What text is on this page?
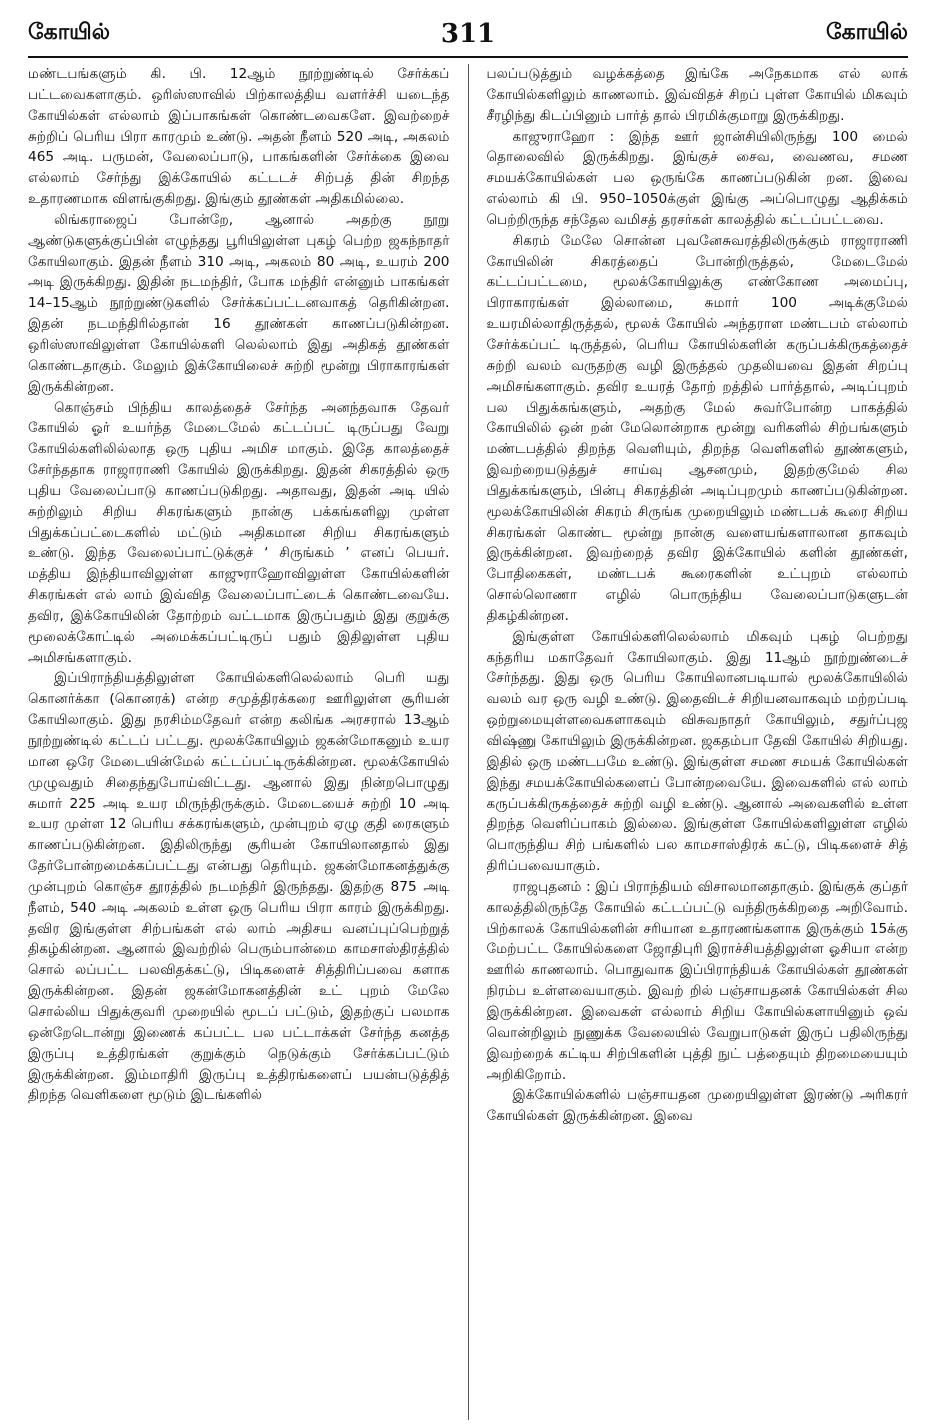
கோயில்	311	கோயில்

மண்டபங்களும் கி. பி. 12ஆம் நூற்றுண்டில் சேர்க்கப் பட்டவைகளாகும். ஒரிஸ்ஸாவில் பிற்காலத்திய வளர்ச்சி யடைந்த கோயில்கள் எல்லாம் இப்பாகங்கள் கொண்டவைகளே. இவற்றைச் சுற்றிப் பெரிய பிரா காரமும் உண்டு. அதன் நீளம் 520 அடி, அகலம் 465 அடி. பருமன், வேலைப்பாடு, பாகங்களின் சேர்க்கை இவை எல்லாம் சேர்ந்து இக்கோயில் கட்டடச் சிற்பத் தின் சிறந்த உதாரணமாக விளங்குகிறது. இங்கும் தூண்கள் அதிகமில்லை.

லிங்கராஜைப் போன்றே, ஆனால் அதற்கு நூறு ஆண்டுகளுக்குப்பின் எழுந்தது பூரியிலுள்ள புகழ் பெற்ற ஜகந்நாதர் கோயிலாகும். இதன் நீளம் 310 அடி, அகலம் 80 அடி, உயரம் 200 அடி இருக்கிறது. இதின் நடமந்திர், போக மந்திர் என்னும் பாகங்கள் 14–15ஆம் நூற்றுண்டுகளில் சேர்க்கப்பட்டனவாகத் தெரிகின்றன. இதன் நடமந்திரில்தான் 16 தூண்கள் காணப்படுகின்றன. ஒரிஸ்ஸாவிலுள்ள கோயில்களி லெல்லாம் இது அதிகத் தூண்கள் கொண்டதாகும். மேலும் இக்கோயிலைச் சுற்றி மூன்று பிராகாரங்கள் இருக்கின்றன.

கொஞ்சம் பிந்திய காலத்தைச் சேர்ந்த அனந்தவாசு தேவர் கோயில் ஓர் உயர்ந்த மேடைமேல் கட்டப்பட் டிருப்பது வேறு கோயில்களிலில்லாத ஒரு புதிய அமிச மாகும். இதே காலத்தைச் சேர்ந்ததாக ராஜாராணி கோயில் இருக்கிறது. இதன் சிகரத்தில் ஒரு புதிய வேலைப்பாடு காணப்படுகிறது. அதாவது, இதன் அடி யில் சுற்றிலும் சிறிய சிகரங்களும் நான்கு பக்கங்களிலு முள்ள பிதுக்கப்பட்டைகளில் மட்டும் அதிகமான சிறிய சிகரங்களும் உண்டு. இந்த வேலைப்பாட்டுக்குச் ‘ சிருங்கம் ’ எனப் பெயர். மத்திய இந்தியாவிலுள்ள காஜுராஹோவிலுள்ள கோயில்களின் சிகரங்கள் எல் லாம் இவ்வித வேலைப்பாட்டைக் கொண்டவையே. தவிர, இக்கோயிலின் தோற்றம் வட்டமாக இருப்பதும் இது குறுக்கு மூலைக்கோட்டில் அமைக்கப்பட்டிருப் பதும் இதிலுள்ள புதிய அமிசங்களாகும்.

இப்பிராந்தியத்திலுள்ள கோயில்களிலெல்லாம் பெரி யது கொனர்க்கா (கொனரக்) என்ற சமுத்திரக்கரை ஊரிலுள்ள சூரியன் கோயிலாகும். இது நரசிம்மதேவர் என்ற கலிங்க அரசரால் 13ஆம் நூற்றுண்டில் கட்டப் பட்டது. மூலக்கோயிலும் ஜகன்மோகனும் உயர மான ஒரே மேடையின்மேல் கட்டப்பட்டிருக்கின்றன. மூலக்கோயில் முழுவதும் சிதைந்துபோய்விட்டது. ஆனால் இது நின்றபொழுது சுமார் 225 அடி உயர மிருந்திருக்கும். மேடையைச் சுற்றி 10 அடி உயர முள்ள 12 பெரிய சக்கரங்களும், முன்புறம் ஏழு குதி ரைகளும் காணப்படுகின்றன. இதிலிருந்து சூரியன் கோயிலானதால் இது தேர்போன்றமைக்கப்பட்டது என்பது தெரியும். ஜகன்மோகனத்துக்கு முன்புறம் கொஞ்ச தூரத்தில் நடமந்திர் இருந்தது. இதற்கு 875 அடி நீளம், 540 அடி அகலம் உள்ள ஒரு பெரிய பிரா காரம் இருக்கிறது. தவிர இங்குள்ள சிற்பங்கள் எல் லாம் அதிசய வனப்புப்பெற்றுத் திகழ்கின்றன. ஆனால் இவற்றில் பெரும்பான்மை காமசாஸ்திரத்தில் சொல் லப்பட்ட பலவிதக்கட்டு, பிடிகளைச் சித்திரிப்பவை களாக இருக்கின்றன. இதன் ஜகன்மோகனத்தின் உட் புறம் மேலே சொல்லிய பிதுக்குவரி முறையில் மூடப் பட்டும், இதற்குப் பலமாக ஒன்றேடொன்று இணைக் கப்பட்ட பல பட்டாக்கள் சேர்ந்த கனத்த இருப்பு உத்திரங்கள் குறுக்கும் நெடுக்கும் சேர்க்கப்பட்டும் இருக்கின்றன. இம்மாதிரி இருப்பு உத்திரங்களைப் பயன்படுத்தித் திறந்த வெளிகளை மூடும் இடங்களில்

பலப்படுத்தும் வழக்கத்தை இங்கே அநேகமாக எல் லாக் கோயில்களிலும் காணலாம். இவ்விதச் சிறப் புள்ள கோயில் மிகவும் சீரழிந்து கிடப்பினும் பார்த் தால் பிரமிக்குமாறு இருக்கிறது.

காஜுராஹோ : இந்த ஊர் ஜான்சியிலிருந்து 100 மைல் தொலைவில் இருக்கிறது. இங்குச் சைவ, வைணவ, சமண சமயக்கோயில்கள் பல ஒருங்கே காணப்படுகின் றன. இவை எல்லாம் கி பி. 950–1050க்குள் இங்கு அப்பொழுது ஆதிக்கம் பெற்றிருந்த சந்தேல வமிசத் தரசர்கள் காலத்தில் கட்டப்பட்டவை.

சிகரம் மேலே சொன்ன புவனேசுவரத்திலிருக்கும் ராஜாராணி கோயிலின் சிகரத்தைப் போன்றிருத்தல், மேடைமேல் கட்டப்பட்டமை, மூலக்கோயிலுக்கு எண்கோண அமைப்பு, பிராகாரங்கள் இல்லாமை, சுமார் 100 அடிக்குமேல் உயரமில்லாதிருத்தல், மூலக் கோயில் அந்தராள மண்டபம் எல்லாம் சேர்க்கப்பட் டிருத்தல், பெரிய கோயில்களின் கருப்பக்கிருகத்தைச் சுற்றி வலம் வருதற்கு வழி இருத்தல் முதலியவை இதன் சிறப்பு அமிசங்களாகும். தவிர உயரத் தோற் றத்தில் பார்த்தால், அடிப்புறம் பல பிதுக்கங்களும், அதற்கு மேல் சுவர்போன்ற பாகத்தில் கோயிலில் ஒன் றன் மேலொன்றாக மூன்று வரிகளில் சிற்பங்களும் மண்டபத்தில் திறந்த வெளியும், திறந்த வெளிகளில் தூண்களும், இவற்றையடுத்துச் சாய்வு ஆசனமும், இதற்குமேல் சில பிதுக்கங்களும், பின்பு சிகரத்தின் அடிப்புறமும் காணப்படுகின்றன. மூலக்கோயிலின் சிகரம் சிருங்க முறையிலும் மண்டபக் கூரை சிறிய சிகரங்கள் கொண்ட மூன்று நான்கு வளையங்களாலான தாகவும் இருக்கின்றன. இவற்றைத் தவிர இக்கோயில் களின் தூண்கள், போதிகைகள், மண்டபக் கூரைகளின் உட்புறம் எல்லாம் சொல்லொணா எழில் பொருந்திய வேலைப்பாடுகளுடன் திகழ்கின்றன.

இங்குள்ள கோயில்களிலெல்லாம் மிகவும் புகழ் பெற்றது கந்தரிய மகாதேவர் கோயிலாகும். இது 11ஆம் நூற்றுண்டைச் சேர்ந்தது. இது ஒரு பெரிய கோயிலானபடியால் மூலக்கோயிலில் வலம் வர ஒரு வழி உண்டு. இதைவிடச் சிறியனவாகவும் மற்றப்படி ஒற்றுமையுள்ளவைகளாகவும் விசுவநாதர் கோயிலும், சதுர்ப்புஜ விஷ்ணு கோயிலும் இருக்கின்றன. ஜகதம்பா தேவி கோயில் சிறியது. இதில் ஒரு மண்டபமே உண்டு. இங்குள்ள சமண சமயக் கோயில்கள் இந்து சமயக்கோயில்களைப் போன்றவையே. இவைகளில் எல் லாம் கருப்பக்கிருகத்தைச் சுற்றி வழி உண்டு. ஆனால் அவைகளில் உள்ள திறந்த வெளிப்பாகம் இல்லை. இங்குள்ள கோயில்களிலுள்ள எழில் பொருந்திய சிற் பங்களில் பல காமசாஸ்திரக் கட்டு, பிடிகளைச் சித் திரிப்பவையாகும்.

ராஜபுதனம் : இப் பிராந்தியம் விசாலமானதாகும். இங்குக் குப்தர் காலத்திலிருந்தே கோயில் கட்டப்பட்டு வந்திருக்கிறதை அறிவோம். பிற்காலக் கோயில்களின் சரியான உதாரணங்களாக இருக்கும் 15க்கு மேற்பட்ட கோயில்களை ஜோதிபுரி இராச்சியத்திலுள்ள ஓசியா என்ற ஊரில் காணலாம். பொதுவாக இப்பிராந்தியக் கோயில்கள் தூண்கள் நிரம்ப உள்ளவையாகும். இவற் றில் பஞ்சாயதனக் கோயில்கள் சில இருக்கின்றன. இவைகள் எல்லாம் சிறிய கோயில்களாயினும் ஒவ் வொன்றிலும் நுணுக்க வேலையில் வேறுபாடுகள் இருப் பதிலிருந்து இவற்றைக் கட்டிய சிற்பிகளின் புத்தி நுட் பத்தையும் திறமையையும் அறிகிறோம்.

இக்கோயில்களில் பஞ்சாயதன முறையிலுள்ள இரண்டு அரிகரர் கோயில்கள் இருக்கின்றன. இவை
